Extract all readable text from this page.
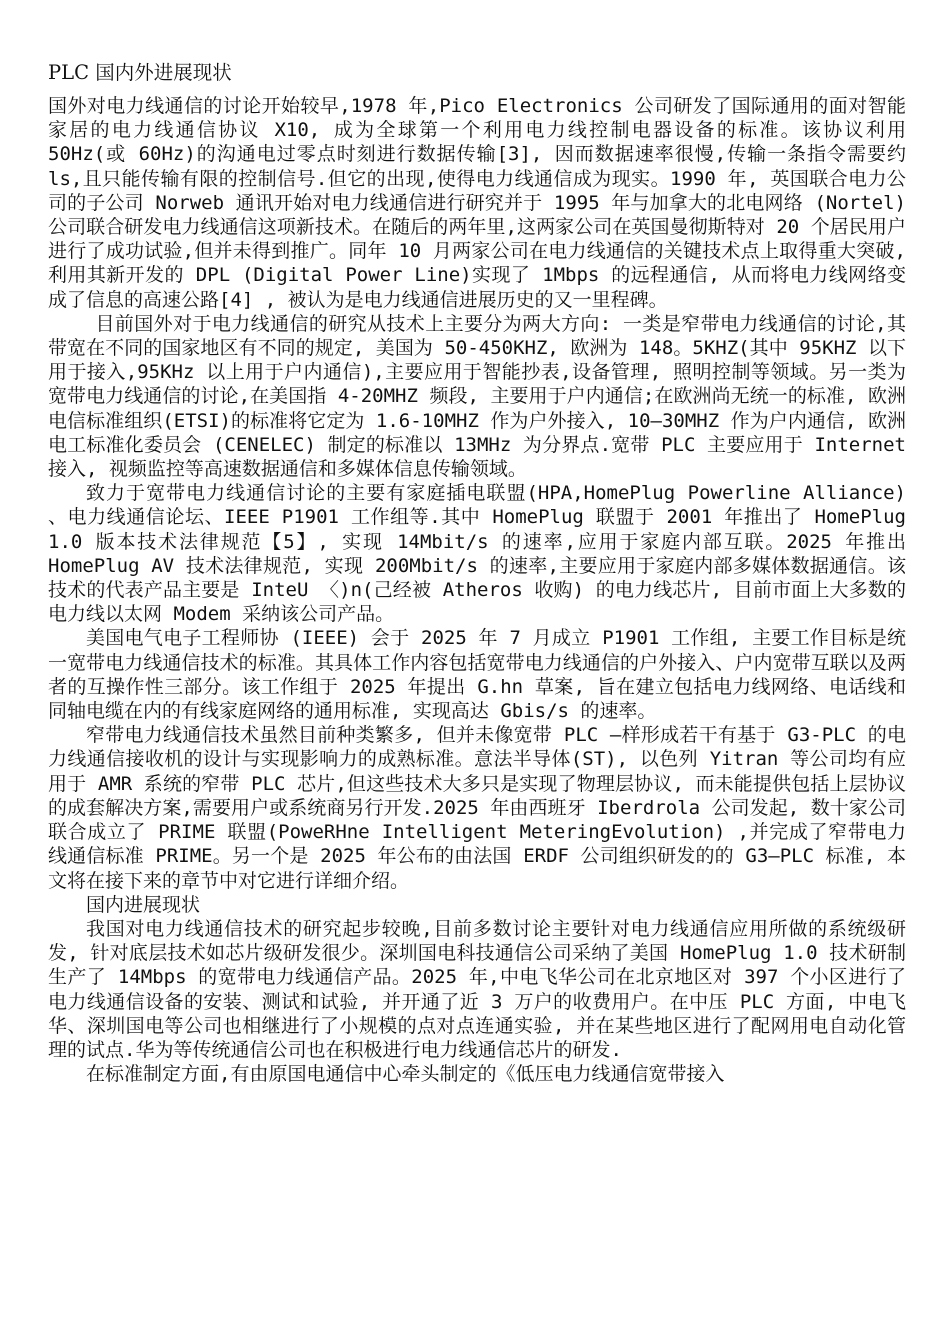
PLC 国内外进展现状

国外对电力线通信的讨论开始较早,1978 年,Pico Electronics 公司研发了国际通用的面对智能家居的电力线通信协议 X10, 成为全球第一个利用电力线控制电器设备的标准。该协议利用 50Hz(或 60Hz)的沟通电过零点时刻进行数据传输[3], 因而数据速率很慢,传输一条指令需要约 ls,且只能传输有限的控制信号.但它的出现,使得电力线通信成为现实。1990 年, 英国联合电力公司的子公司 Norweb 通讯开始对电力线通信进行研究并于 1995 年与加拿大的北电网络 (Nortel) 公司联合研发电力线通信这项新技术。在随后的两年里,这两家公司在英国曼彻斯特对 20 个居民用户进行了成功试验,但并未得到推广。同年 10 月两家公司在电力线通信的关键技术点上取得重大突破, 利用其新开发的 DPL (Digital Power Line)实现了 1Mbps 的远程通信, 从而将电力线网络变成了信息的高速公路[4] , 被认为是电力线通信进展历史的又一里程碑。

目前国外对于电力线通信的研究从技术上主要分为两大方向: 一类是窄带电力线通信的讨论,其带宽在不同的国家地区有不同的规定, 美国为 50-450KHZ, 欧洲为 148。5KHZ(其中 95KHZ 以下用于接入,95KHz 以上用于户内通信),主要应用于智能抄表,设备管理, 照明控制等领域。另一类为宽带电力线通信的讨论,在美国指 4-20MHZ 频段, 主要用于户内通信;在欧洲尚无统一的标准, 欧洲电信标准组织(ETSI)的标准将它定为 1.6-10MHZ 作为户外接入, 10—30MHZ 作为户内通信, 欧洲电工标准化委员会 (CENELEC) 制定的标准以 13MHz 为分界点.宽带 PLC 主要应用于 Internet 接入, 视频监控等高速数据通信和多媒体信息传输领域。

致力于宽带电力线通信讨论的主要有家庭插电联盟(HPA,HomePlug Powerline Alliance) 、电力线通信论坛、IEEE P1901 工作组等.其中 HomePlug 联盟于 2001 年推出了 HomePlug 1.0 版本技术法律规范【5】, 实现 14Mbit/s 的速率,应用于家庭内部互联。2025 年推出 HomePlug AV 技术法律规范, 实现 200Mbit/s 的速率,主要应用于家庭内部多媒体数据通信。该技术的代表产品主要是 InteU 〈)n(己经被 Atheros 收购) 的电力线芯片, 目前市面上大多数的电力线以太网 Modem 采纳该公司产品。

美国电气电子工程师协 (IEEE) 会于 2025 年 7 月成立 P1901 工作组, 主要工作目标是统一宽带电力线通信技术的标准。其具体工作内容包括宽带电力线通信的户外接入、户内宽带互联以及两者的互操作性三部分。该工作组于 2025 年提出 G.hn 草案, 旨在建立包括电力线网络、电话线和同轴电缆在内的有线家庭网络的通用标准, 实现高达 Gbis/s 的速率。

窄带电力线通信技术虽然目前种类繁多, 但并未像宽带 PLC —样形成若干有基于 G3-PLC 的电力线通信接收机的设计与实现影响力的成熟标准。意法半导体(ST), 以色列 Yitran 等公司均有应用于 AMR 系统的窄带 PLC 芯片,但这些技术大多只是实现了物理层协议, 而未能提供包括上层协议的成套解决方案,需要用户或系统商另行开发.2025 年由西班牙 Iberdrola 公司发起, 数十家公司联合成立了 PRIME 联盟(PoweRHne Intelligent MeteringEvolution) ,并完成了窄带电力线通信标准 PRIME。另一个是 2025 年公布的由法国 ERDF 公司组织研发的的 G3—PLC 标准, 本文将在接下来的章节中对它进行详细介绍。

国内进展现状

我国对电力线通信技术的研究起步较晚,目前多数讨论主要针对电力线通信应用所做的系统级研发, 针对底层技术如芯片级研发很少。深圳国电科技通信公司采纳了美国 HomePlug 1.0 技术研制生产了 14Mbps 的宽带电力线通信产品。2025 年,中电飞华公司在北京地区对 397 个小区进行了电力线通信设备的安装、测试和试验, 并开通了近 3 万户的收费用户。在中压 PLC 方面, 中电飞华、深圳国电等公司也相继进行了小规模的点对点连通实验, 并在某些地区进行了配网用电自动化管理的试点.华为等传统通信公司也在积极进行电力线通信芯片的研发.

在标准制定方面,有由原国电通信中心牵头制定的《低压电力线通信宽带接入
